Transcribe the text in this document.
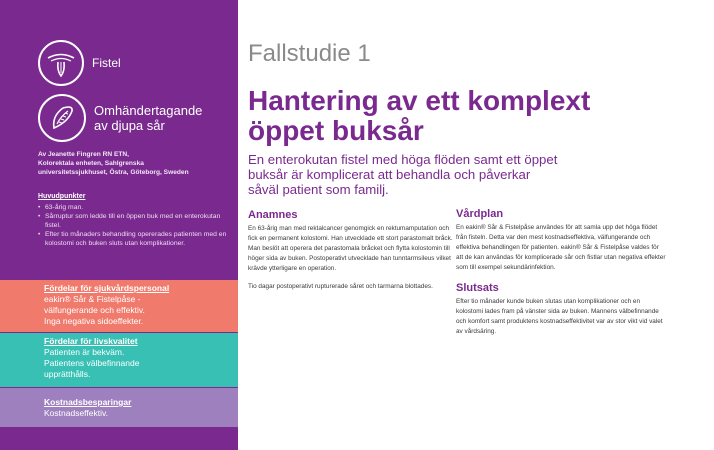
Fistel
Omhändertagande
av djupa sår
Av Jeanette Fingren RN ETN,
Kolorektala enheten, Sahlgrenska
universitetssjukhuset, Östra, Göteborg, Sweden
Huvudpunkter
• 63-årig man.
• Sårruptur som ledde till en öppen buk med en enterokutan fistel.
• Efter tio månaders behandling opererades patienten med en kolostomi och buken sluts utan komplikationer.
Fördelar för sjukvårdspersonal
eakin® Sår & Fistelpåse -
välfungerande och effektiv.
Inga negativa sidoeffekter.
Fördelar för livskvalitet
Patienten är bekväm.
Patientens välbefinnande
upprätthålls.
Kostnadsbesparingar
Kostnadseffektiv.
Fallstudie 1
Hantering av ett komplext
öppet buksår
En enterokutan fistel med höga flöden samt ett öppet
buksår är komplicerat att behandla och påverkar
såväl patient som familj.
Anamnes

En 63-årig man med rektalcancer genomgick en rektumamputation och fick en permanent kolostomi. Han utvecklade ett stort parastomalt bråck. Man beslöt att operera det parastomala bråcket och flytta kolostomin till höger sida av buken. Postoperativt utvecklade han tunntarmsileus vilket krävde ytterligare en operation.

Tio dagar postoperativt rupturerade såret och tarmarna blottades.

Vårdplan

En eakin® Sår & Fistelpåse användes för att samla upp det höga flödet från fisteln. Detta var den mest kostnadseffektiva, välfungerande och effektiva behandlingen för patienten. eakin® Sår & Fistelpåse valdes för att de kan användas för komplicerade sår och fistlar utan negativa effekter som till exempel sekundärinfektion.

Slutsats

Efter tio månader kunde buken slutas utan komplikationer och en kolostomi lades fram på vänster sida av buken. Mannens välbefinnande och komfort samt produktens kostnadseffektivitet var av stor vikt vid valet av vårdsäring.
